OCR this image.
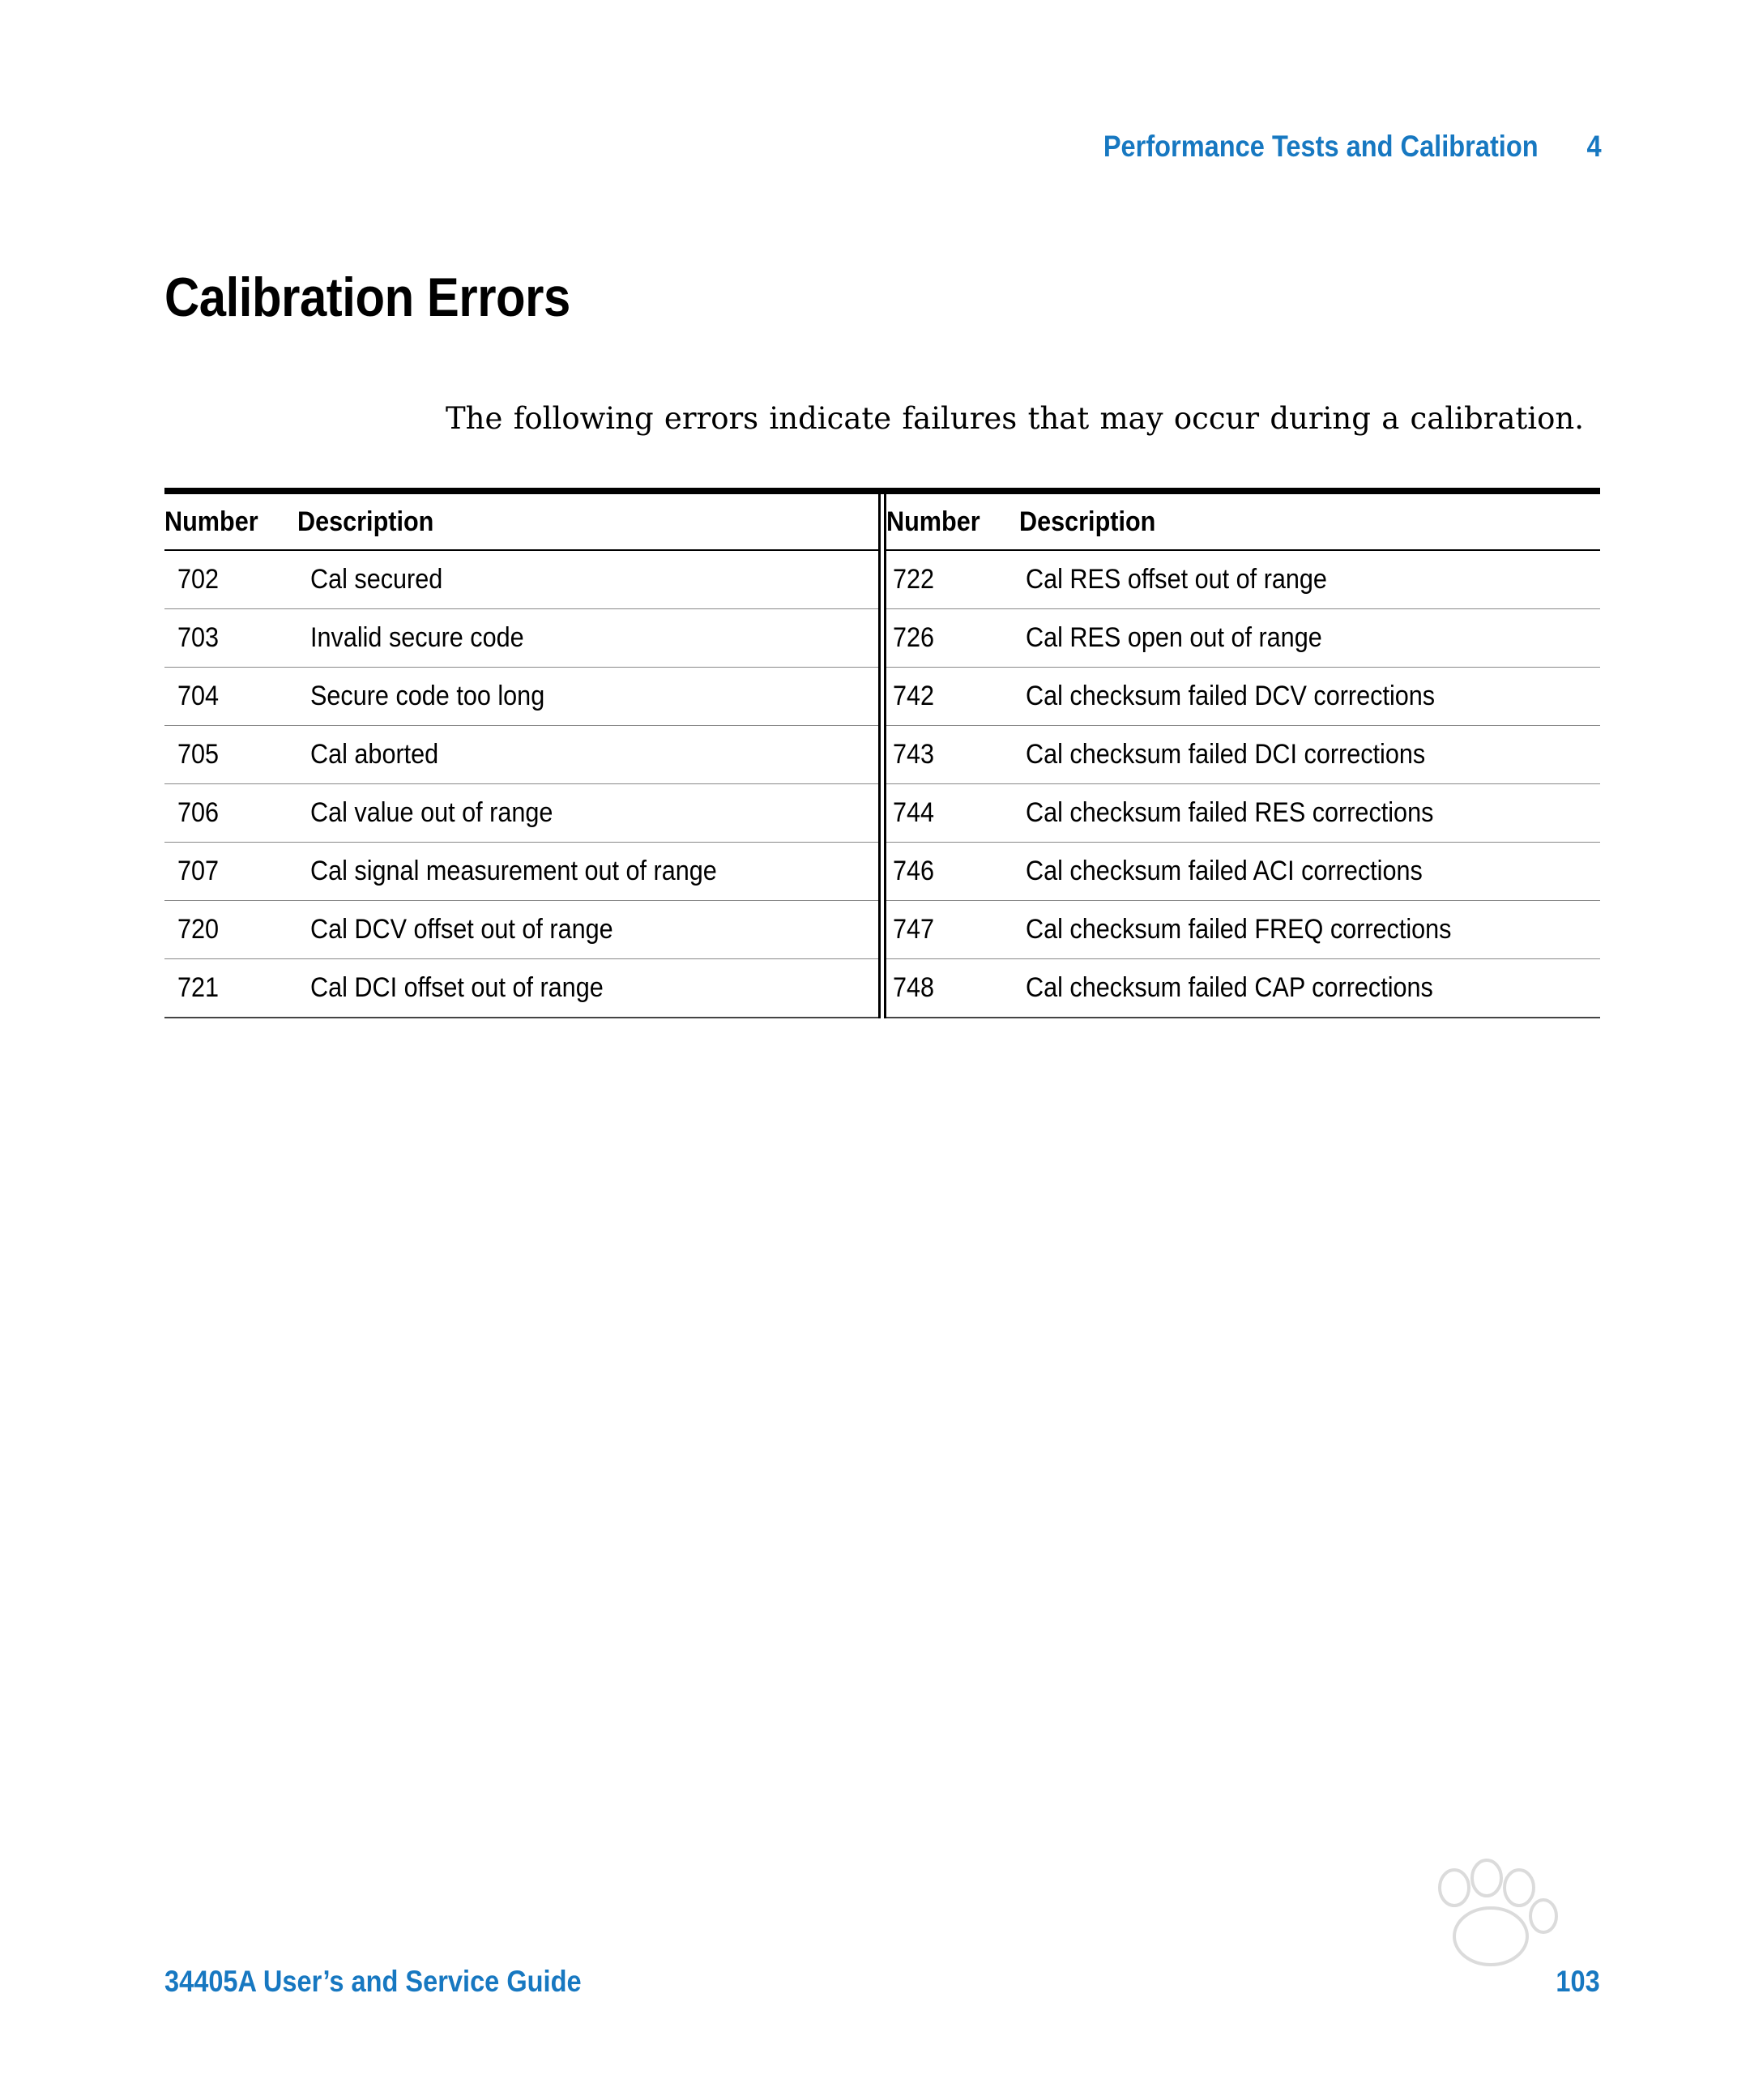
Performance Tests and Calibration 4
Calibration Errors

The following errors indicate failures that may occur during a calibration.

Number	Description
702	Cal secured
703	Invalid secure code
704	Secure code too long
705	Cal aborted
706	Cal value out of range
707	Cal signal measurement out of range
720	Cal DCV offset out of range
721	Cal DCI offset out of range
Number	Description
722	Cal RES offset out of range
726	Cal RES open out of range
742	Cal checksum failed DCV corrections
743	Cal checksum failed DCI corrections
744	Cal checksum failed RES corrections
746	Cal checksum failed ACI corrections
747	Cal checksum failed FREQ corrections
748	Cal checksum failed CAP corrections
34405A User’s and Service Guide	103
